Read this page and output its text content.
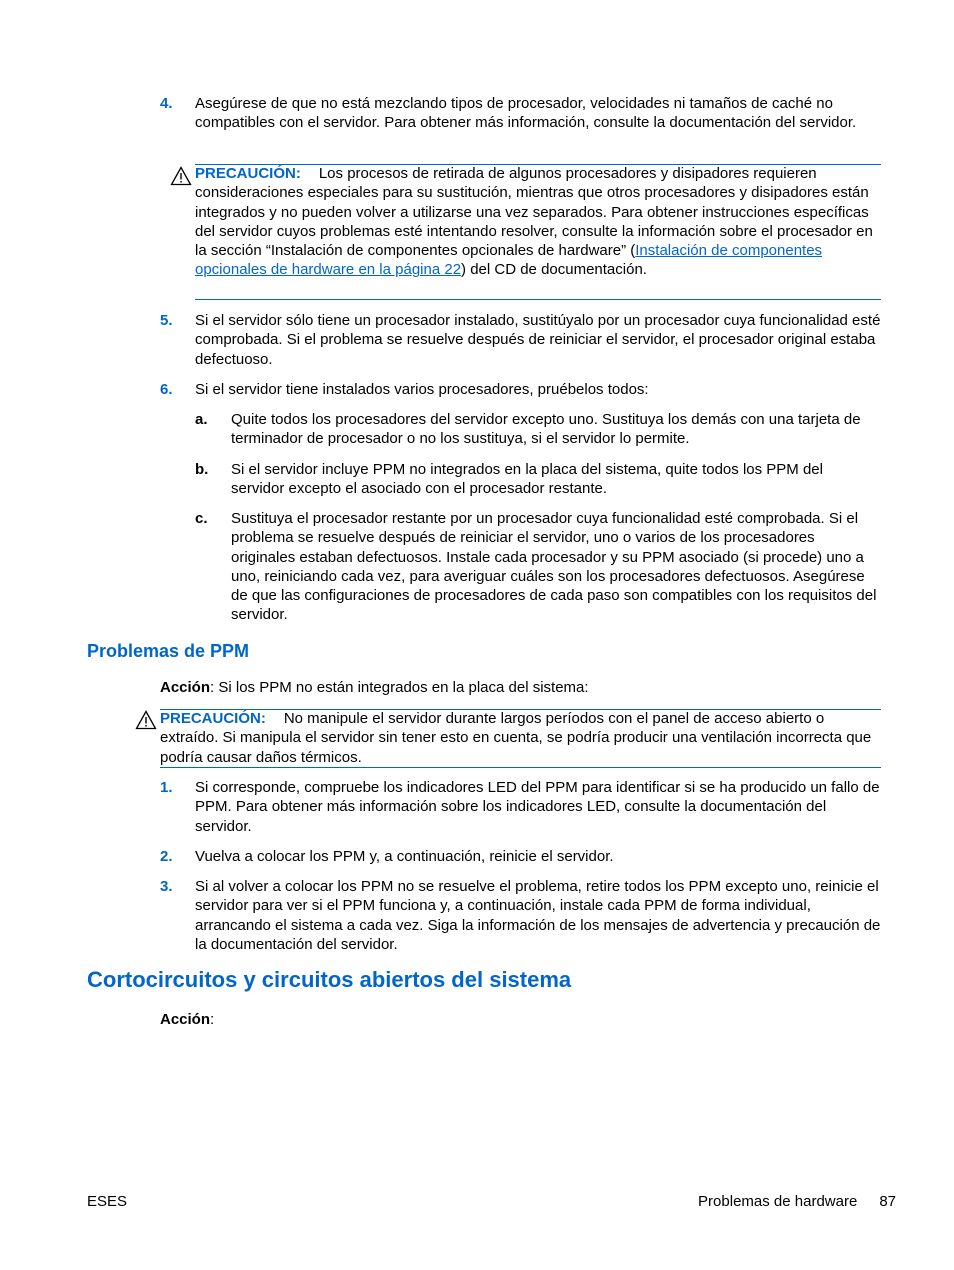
4. Asegúrese de que no está mezclando tipos de procesador, velocidades ni tamaños de caché no compatibles con el servidor. Para obtener más información, consulte la documentación del servidor.
PRECAUCIÓN: Los procesos de retirada de algunos procesadores y disipadores requieren consideraciones especiales para su sustitución, mientras que otros procesadores y disipadores están integrados y no pueden volver a utilizarse una vez separados. Para obtener instrucciones específicas del servidor cuyos problemas esté intentando resolver, consulte la información sobre el procesador en la sección “Instalación de componentes opcionales de hardware” (Instalación de componentes opcionales de hardware en la página 22) del CD de documentación.
5. Si el servidor sólo tiene un procesador instalado, sustitúyalo por un procesador cuya funcionalidad esté comprobada. Si el problema se resuelve después de reiniciar el servidor, el procesador original estaba defectuoso.
6. Si el servidor tiene instalados varios procesadores, pruébelos todos:
a. Quite todos los procesadores del servidor excepto uno. Sustituya los demás con una tarjeta de terminador de procesador o no los sustituya, si el servidor lo permite.
b. Si el servidor incluye PPM no integrados en la placa del sistema, quite todos los PPM del servidor excepto el asociado con el procesador restante.
c. Sustituya el procesador restante por un procesador cuya funcionalidad esté comprobada. Si el problema se resuelve después de reiniciar el servidor, uno o varios de los procesadores originales estaban defectuosos. Instale cada procesador y su PPM asociado (si procede) uno a uno, reiniciando cada vez, para averiguar cuáles son los procesadores defectuosos. Asegúrese de que las configuraciones de procesadores de cada paso son compatibles con los requisitos del servidor.
Problemas de PPM
Acción: Si los PPM no están integrados en la placa del sistema:
PRECAUCIÓN: No manipule el servidor durante largos períodos con el panel de acceso abierto o extraído. Si manipula el servidor sin tener esto en cuenta, se podría producir una ventilación incorrecta que podría causar daños térmicos.
1. Si corresponde, compruebe los indicadores LED del PPM para identificar si se ha producido un fallo de PPM. Para obtener más información sobre los indicadores LED, consulte la documentación del servidor.
2. Vuelva a colocar los PPM y, a continuación, reinicie el servidor.
3. Si al volver a colocar los PPM no se resuelve el problema, retire todos los PPM excepto uno, reinicie el servidor para ver si el PPM funciona y, a continuación, instale cada PPM de forma individual, arrancando el sistema a cada vez. Siga la información de los mensajes de advertencia y precaución de la documentación del servidor.
Cortocircuitos y circuitos abiertos del sistema
Acción:
ESES	Problemas de hardware 87
